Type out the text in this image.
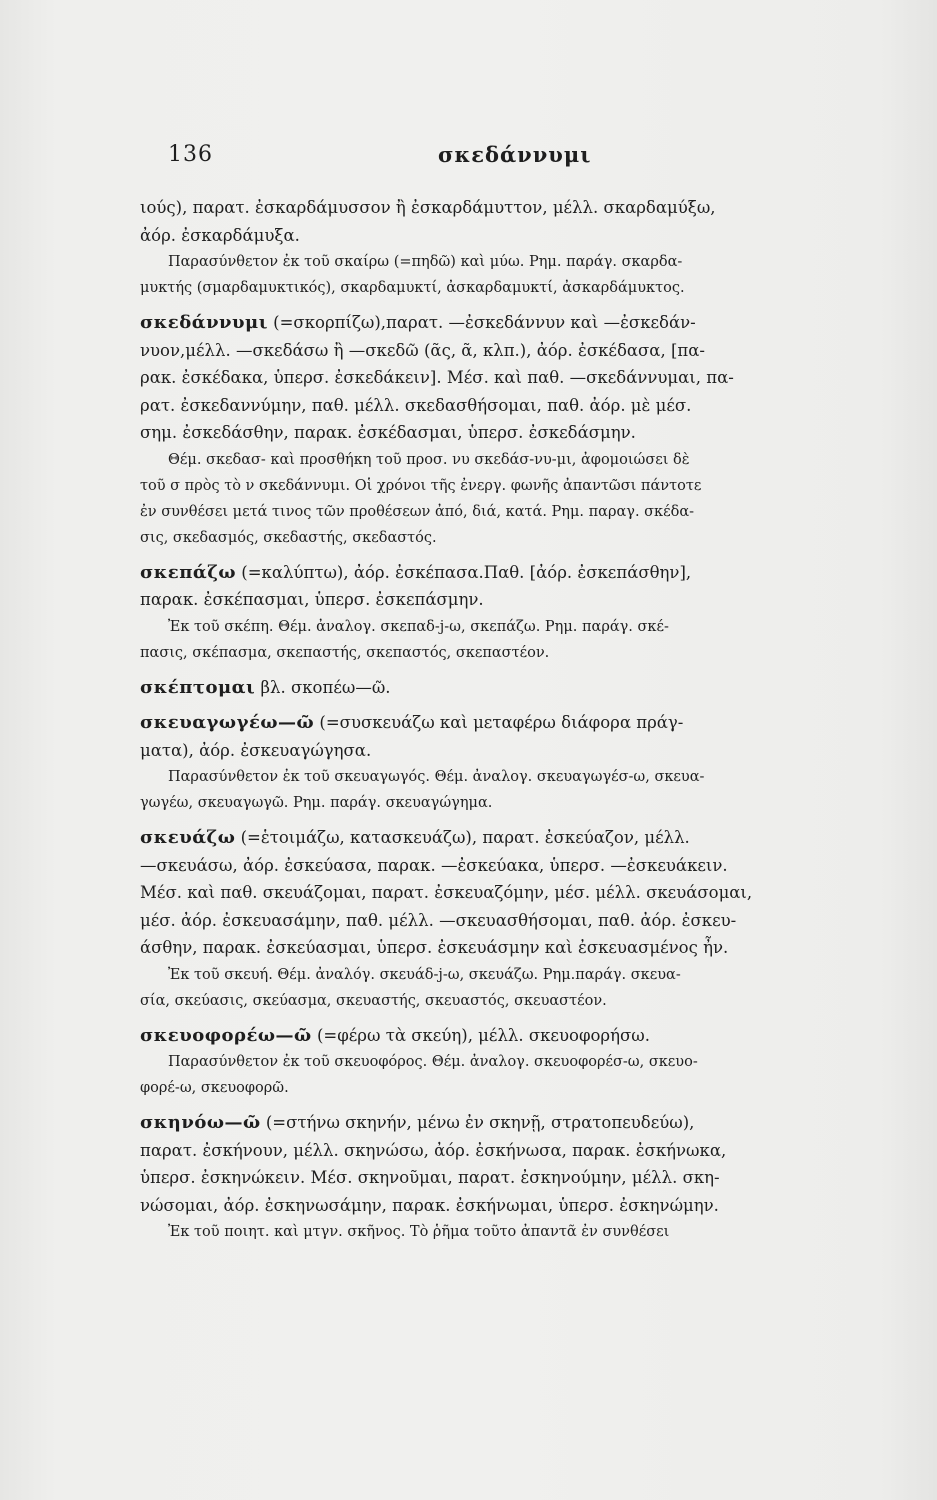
136	σκεδάννυμι

ιούς), παρατ. ἐσκαρδάμυσσον ἢ ἐσκαρδάμυττον, μέλλ. σκαρδαμύξω,

ἀόρ. ἐσκαρδάμυξα.

Παρασύνθετον ἐκ τοῦ σκαίρω (=πηδῶ) καὶ μύω. Ρημ. παράγ. σκαρδα-

μυκτής (σμαρδαμυκτικός), σκαρδαμυκτί, ἀσκαρδαμυκτί, ἀσκαρδάμυκτος.

σκεδάννυμι (=σκορπίζω),παρατ. —ἐσκεδάννυν καὶ —ἐσκεδάν-

νυον,μέλλ. —σκεδάσω ἢ —σκεδῶ (ᾶς, ᾶ, κλπ.), ἀόρ. ἐσκέδασα, [πα-

ρακ. ἐσκέδακα, ὑπερσ. ἐσκεδάκειν]. Μέσ. καὶ παθ. —σκεδάννυμαι, πα-

ρατ. ἐσκεδαννύμην, παθ. μέλλ. σκεδασθήσομαι, παθ. ἀόρ. μὲ μέσ.

σημ. ἐσκεδάσθην, παρακ. ἐσκέδασμαι, ὑπερσ. ἐσκεδάσμην.

Θέμ. σκεδασ- καὶ προσθήκη τοῦ προσ. νυ σκεδάσ-νυ-μι, ἀφομοιώσει δὲ

τοῦ σ πρὸς τὸ ν σκεδάννυμι. Οἱ χρόνοι τῆς ἐνεργ. φωνῆς ἀπαντῶσι πάντοτε

ἐν συνθέσει μετά τινος τῶν προθέσεων ἀπό, διά, κατά. Ρημ. παραγ. σκέδα-

σις, σκεδασμός, σκεδαστής, σκεδαστός.

σκεπάζω (=καλύπτω), ἀόρ. ἐσκέπασα.Παθ. [ἀόρ. ἐσκεπάσθην],

παρακ. ἐσκέπασμαι, ὑπερσ. ἐσκεπάσμην.

Ἐκ τοῦ σκέπη. Θέμ. ἀναλογ. σκεπαδ-j-ω, σκεπάζω. Ρημ. παράγ. σκέ-

πασις, σκέπασμα, σκεπαστής, σκεπαστός, σκεπαστέον.

σκέπτομαι βλ. σκοπέω—ῶ.

σκευαγωγέω—ῶ (=συσκευάζω καὶ μεταφέρω διάφορα πράγ-

ματα), ἀόρ. ἐσκευαγώγησα.

Παρασύνθετον ἐκ τοῦ σκευαγωγός. Θέμ. ἀναλογ. σκευαγωγέσ-ω, σκευα-

γωγέω, σκευαγωγῶ. Ρημ. παράγ. σκευαγώγημα.

σκευάζω (=ἑτοιμάζω, κατασκευάζω), παρατ. ἐσκεύαζον, μέλλ.

—σκευάσω, ἀόρ. ἐσκεύασα, παρακ. —ἐσκεύακα, ὑπερσ. —ἐσκευάκειν.

Μέσ. καὶ παθ. σκευάζομαι, παρατ. ἐσκευαζόμην, μέσ. μέλλ. σκευάσομαι,

μέσ. ἀόρ. ἐσκευασάμην, παθ. μέλλ. —σκευασθήσομαι, παθ. ἀόρ. ἐσκευ-

άσθην, παρακ. ἐσκεύασμαι, ὑπερσ. ἐσκευάσμην καὶ ἐσκευασμένος ἦν.

Ἐκ τοῦ σκευή. Θέμ. ἀναλόγ. σκευάδ-j-ω, σκευάζω. Ρημ.παράγ. σκευα-

σία, σκεύασις, σκεύασμα, σκευαστής, σκευαστός, σκευαστέον.

σκευοφορέω—ῶ (=φέρω τὰ σκεύη), μέλλ. σκευοφορήσω.

Παρασύνθετον ἐκ τοῦ σκευοφόρος. Θέμ. ἀναλογ. σκευοφορέσ-ω, σκευο-

φορέ-ω, σκευοφορῶ.

σκηνόω—ῶ (=στήνω σκηνήν, μένω ἐν σκηνῇ, στρατοπευδεύω),

παρατ. ἐσκήνουν, μέλλ. σκηνώσω, ἀόρ. ἐσκήνωσα, παρακ. ἐσκήνωκα,

ὑπερσ. ἐσκηνώκειν. Μέσ. σκηνοῦμαι, παρατ. ἐσκηνούμην, μέλλ. σκη-

νώσομαι, ἀόρ. ἐσκηνωσάμην, παρακ. ἐσκήνωμαι, ὑπερσ. ἐσκηνώμην.

Ἐκ τοῦ ποιητ. καὶ μτγν. σκῆνος. Τὸ ῥῆμα τοῦτο ἀπαντᾶ ἐν συνθέσει
